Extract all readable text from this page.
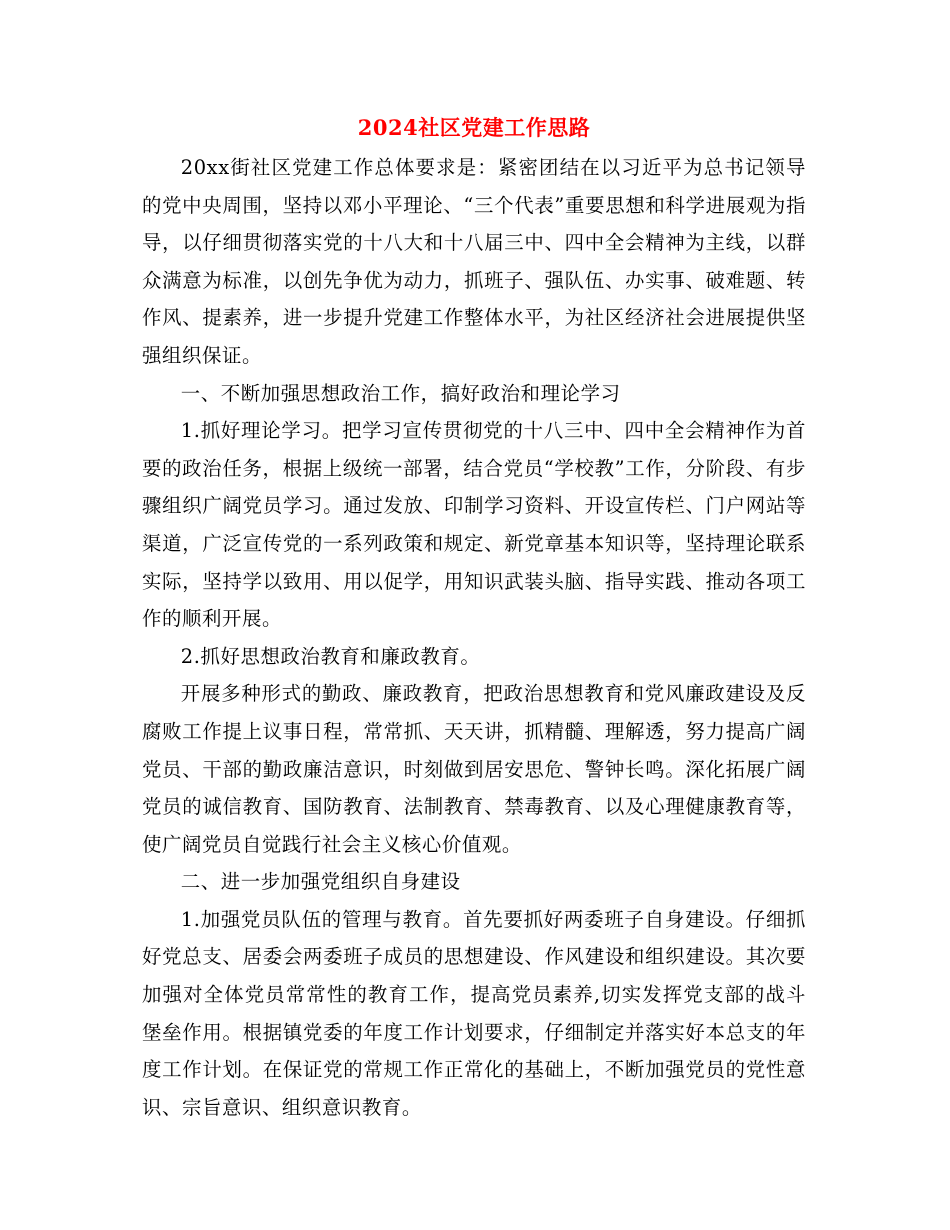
2024社区党建工作思路

20xx街社区党建工作总体要求是：紧密团结在以习近平为总书记领导的党中央周围，坚持以邓小平理论、“三个代表”重要思想和科学进展观为指导，以仔细贯彻落实党的十八大和十八届三中、四中全会精神为主线，以群众满意为标准，以创先争优为动力，抓班子、强队伍、办实事、破难题、转作风、提素养，进一步提升党建工作整体水平，为社区经济社会进展提供坚强组织保证。

一、不断加强思想政治工作，搞好政治和理论学习

1.抓好理论学习。把学习宣传贯彻党的十八三中、四中全会精神作为首要的政治任务，根据上级统一部署，结合党员“学校教”工作，分阶段、有步骤组织广阔党员学习。通过发放、印制学习资料、开设宣传栏、门户网站等渠道，广泛宣传党的一系列政策和规定、新党章基本知识等，坚持理论联系实际，坚持学以致用、用以促学，用知识武装头脑、指导实践、推动各项工作的顺利开展。

2.抓好思想政治教育和廉政教育。

开展多种形式的勤政、廉政教育，把政治思想教育和党风廉政建设及反腐败工作提上议事日程，常常抓、天天讲，抓精髓、理解透，努力提高广阔党员、干部的勤政廉洁意识，时刻做到居安思危、警钟长鸣。深化拓展广阔党员的诚信教育、国防教育、法制教育、禁毒教育、以及心理健康教育等，使广阔党员自觉践行社会主义核心价值观。

二、进一步加强党组织自身建设

1.加强党员队伍的管理与教育。首先要抓好两委班子自身建设。仔细抓好党总支、居委会两委班子成员的思想建设、作风建设和组织建设。其次要加强对全体党员常常性的教育工作，提高党员素养,切实发挥党支部的战斗堡垒作用。根据镇党委的年度工作计划要求，仔细制定并落实好本总支的年度工作计划。在保证党的常规工作正常化的基础上，不断加强党员的党性意识、宗旨意识、组织意识教育。
